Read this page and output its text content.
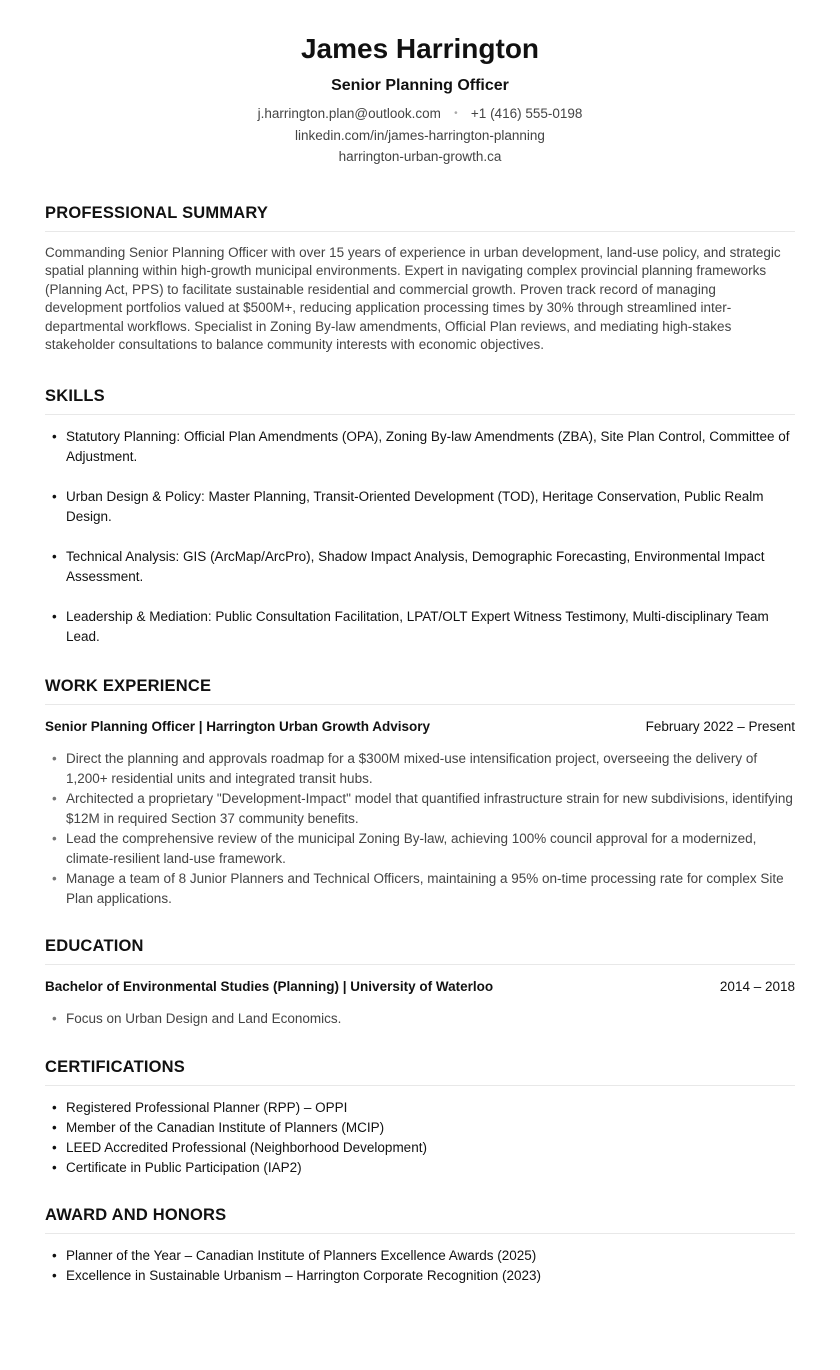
James Harrington
Senior Planning Officer
j.harrington.plan@outlook.com • +1 (416) 555-0198
linkedin.com/in/james-harrington-planning
harrington-urban-growth.ca
PROFESSIONAL SUMMARY

Commanding Senior Planning Officer with over 15 years of experience in urban development, land-use policy, and strategic spatial planning within high-growth municipal environments. Expert in navigating complex provincial planning frameworks (Planning Act, PPS) to facilitate sustainable residential and commercial growth. Proven track record of managing development portfolios valued at $500M+, reducing application processing times by 30% through streamlined inter-departmental workflows. Specialist in Zoning By-law amendments, Official Plan reviews, and mediating high-stakes stakeholder consultations to balance community interests with economic objectives.

SKILLS
• Statutory Planning: Official Plan Amendments (OPA), Zoning By-law Amendments (ZBA), Site Plan Control, Committee of Adjustment.
• Urban Design & Policy: Master Planning, Transit-Oriented Development (TOD), Heritage Conservation, Public Realm Design.
• Technical Analysis: GIS (ArcMap/ArcPro), Shadow Impact Analysis, Demographic Forecasting, Environmental Impact Assessment.
• Leadership & Mediation: Public Consultation Facilitation, LPAT/OLT Expert Witness Testimony, Multi-disciplinary Team Lead.
WORK EXPERIENCE
Senior Planning Officer | Harrington Urban Growth Advisory	February 2022 – Present
• Direct the planning and approvals roadmap for a $300M mixed-use intensification project, overseeing the delivery of 1,200+ residential units and integrated transit hubs.
• Architected a proprietary "Development-Impact" model that quantified infrastructure strain for new subdivisions, identifying $12M in required Section 37 community benefits.
• Lead the comprehensive review of the municipal Zoning By-law, achieving 100% council approval for a modernized, climate-resilient land-use framework.
• Manage a team of 8 Junior Planners and Technical Officers, maintaining a 95% on-time processing rate for complex Site Plan applications.
EDUCATION
Bachelor of Environmental Studies (Planning) | University of Waterloo	2014 – 2018
• Focus on Urban Design and Land Economics.
CERTIFICATIONS
• Registered Professional Planner (RPP) – OPPI
• Member of the Canadian Institute of Planners (MCIP)
• LEED Accredited Professional (Neighborhood Development)
• Certificate in Public Participation (IAP2)
AWARD AND HONORS
• Planner of the Year – Canadian Institute of Planners Excellence Awards (2025)
• Excellence in Sustainable Urbanism – Harrington Corporate Recognition (2023)
